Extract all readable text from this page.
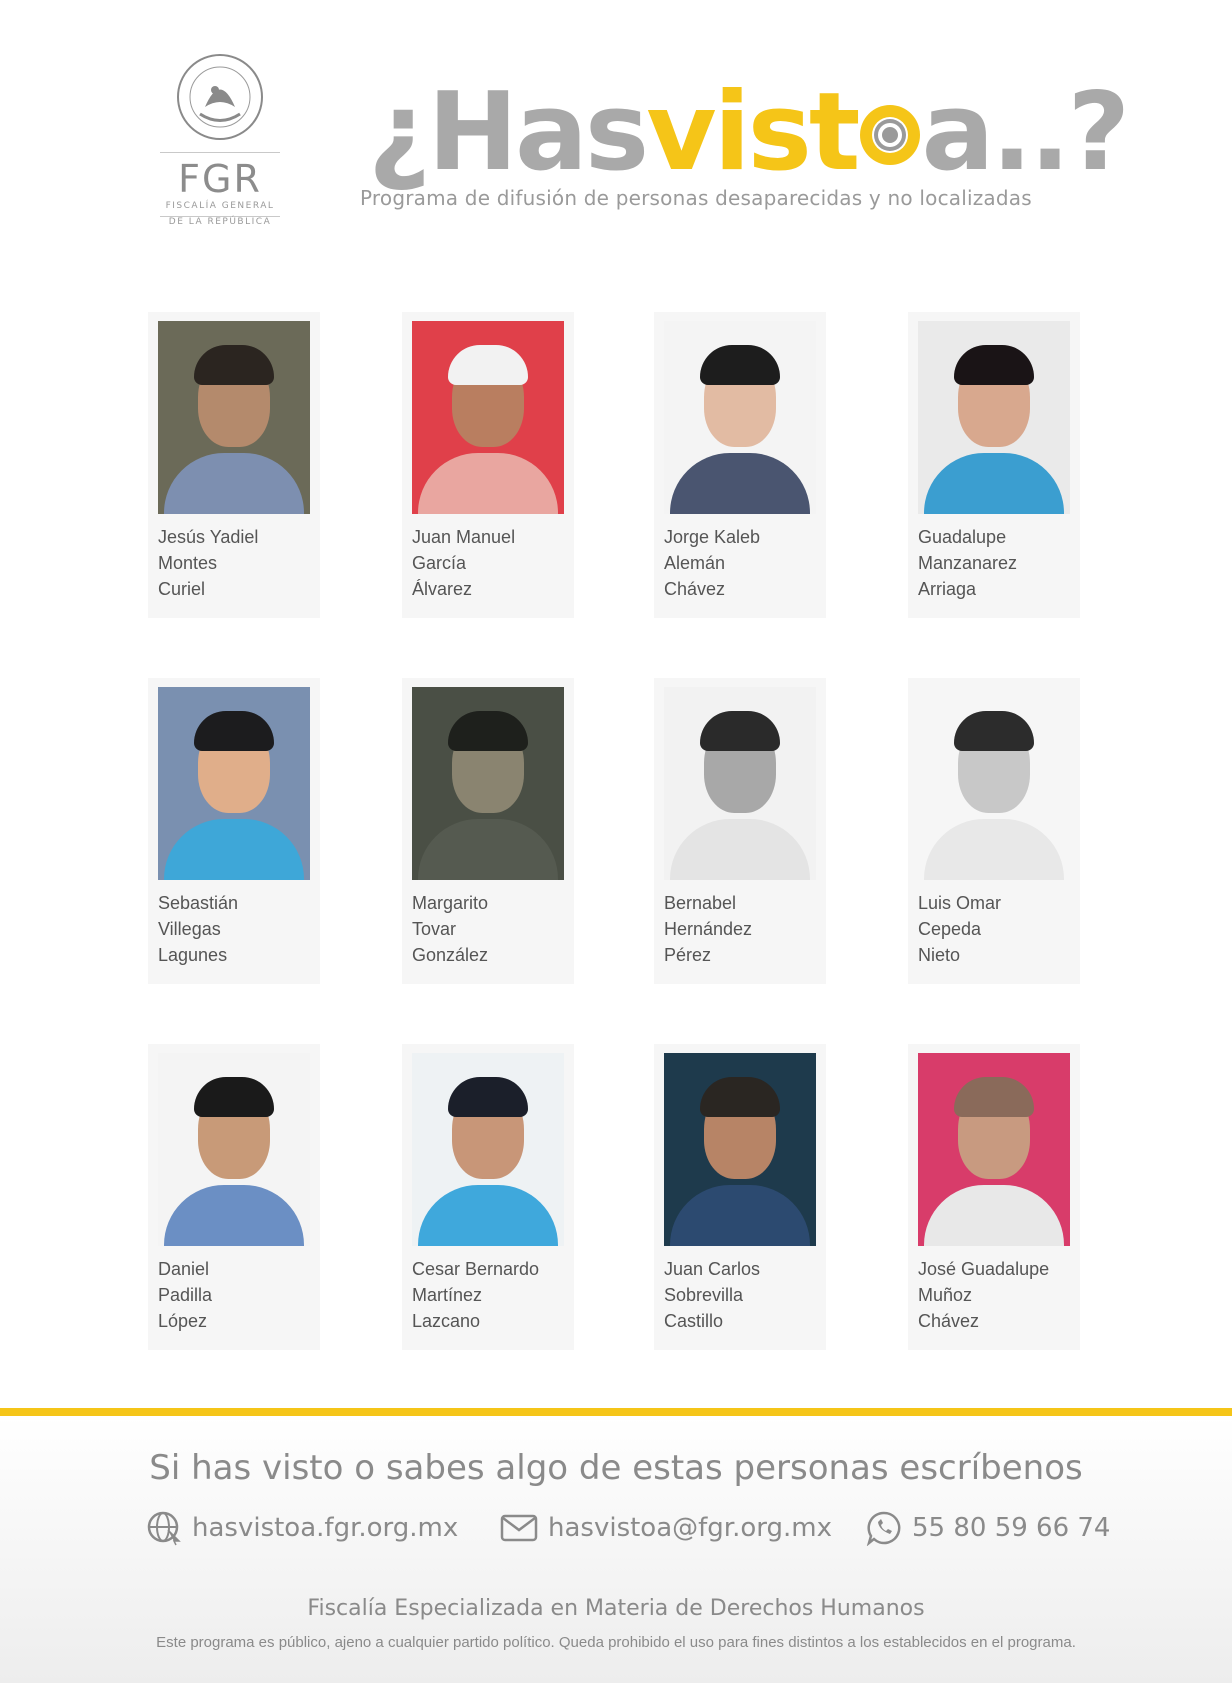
FGR
FISCALÍA GENERAL
DE LA REPÚBLICA
¿Hasvist a..?
Programa de difusión de personas desaparecidas y no localizadas
Jesús Yadiel
Montes
Curiel
Juan Manuel
García
Álvarez
Jorge Kaleb
Alemán
Chávez
Guadalupe
Manzanarez
Arriaga
Sebastián
Villegas
Lagunes
Margarito
Tovar
González
Bernabel
Hernández
Pérez
Luis Omar
Cepeda
Nieto
Daniel
Padilla
López
Cesar Bernardo
Martínez
Lazcano
Juan Carlos
Sobrevilla
Castillo
José Guadalupe
Muñoz
Chávez
Si has visto o sabes algo de estas personas escríbenos
hasvistoa.fgr.org.mx	hasvistoa@fgr.org.mx	55 80 59 66 74
Fiscalía Especializada en Materia de Derechos Humanos
Este programa es público, ajeno a cualquier partido político. Queda prohibido el uso para fines distintos a los establecidos en el programa.
